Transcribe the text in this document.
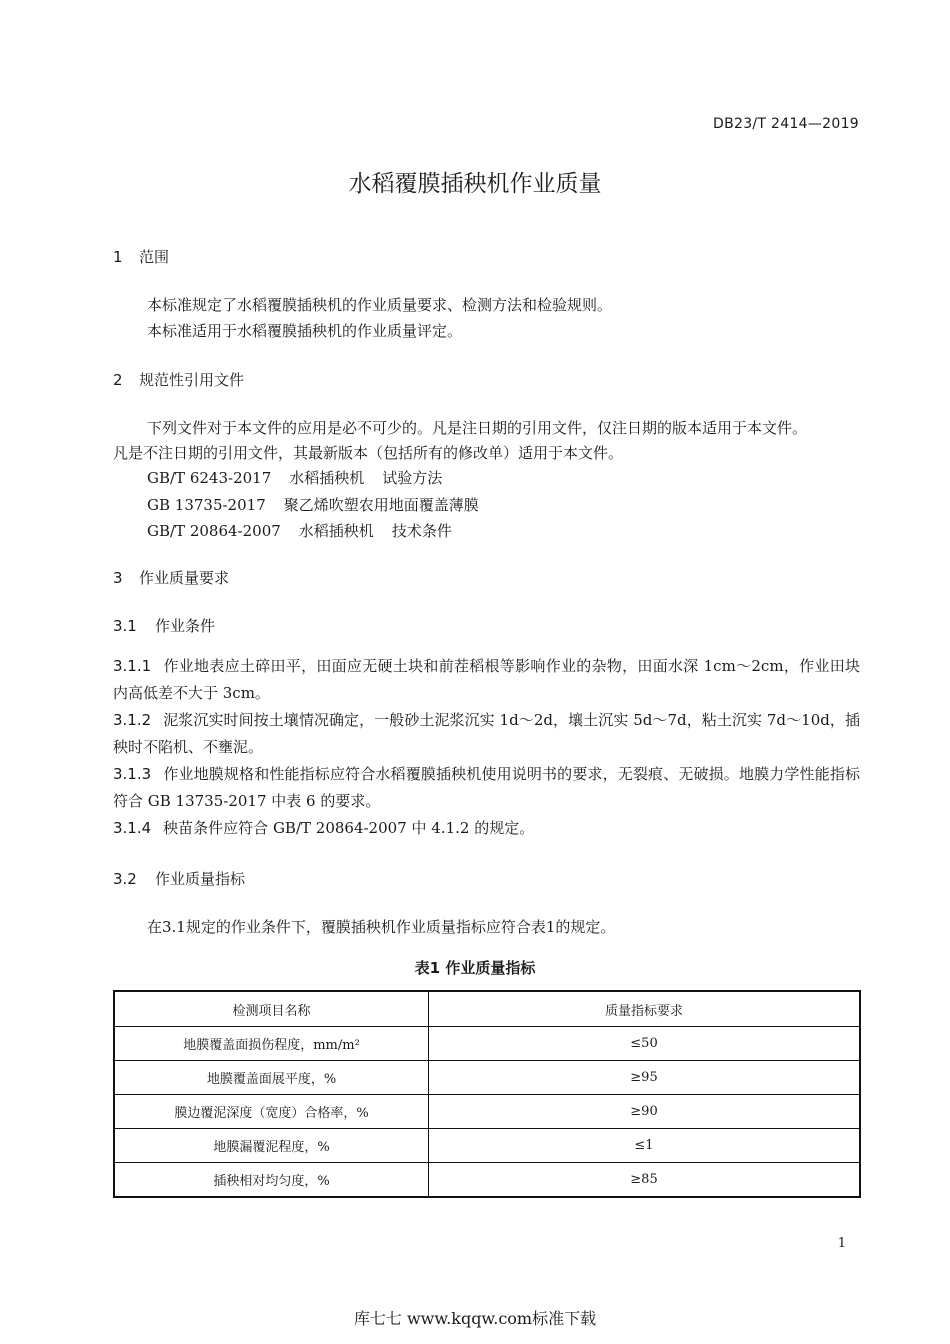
DB23/T 2414—2019
水稻覆膜插秧机作业质量
1 范围
本标准规定了水稻覆膜插秧机的作业质量要求、检测方法和检验规则。
本标准适用于水稻覆膜插秧机的作业质量评定。
2 规范性引用文件
下列文件对于本文件的应用是必不可少的。凡是注日期的引用文件，仅注日期的版本适用于本文件。
凡是不注日期的引用文件，其最新版本（包括所有的修改单）适用于本文件。
GB/T 6243-2017 水稻插秧机 试验方法
GB 13735-2017 聚乙烯吹塑农用地面覆盖薄膜
GB/T 20864-2007 水稻插秧机 技术条件
3 作业质量要求
3.1 作业条件
3.1.1 作业地表应土碎田平，田面应无硬土块和前茬稻根等影响作业的杂物，田面水深 1cm～2cm，作业田块内高低差不大于 3cm。
3.1.2 泥浆沉实时间按土壤情况确定，一般砂土泥浆沉实 1d～2d，壤土沉实 5d～7d，粘土沉实 7d～10d，插秧时不陷机、不壅泥。
3.1.3 作业地膜规格和性能指标应符合水稻覆膜插秧机使用说明书的要求，无裂痕、无破损。地膜力学性能指标符合 GB 13735-2017 中表 6 的要求。
3.1.4 秧苗条件应符合 GB/T 20864-2007 中 4.1.2 的规定。
3.2 作业质量指标
在3.1规定的作业条件下，覆膜插秧机作业质量指标应符合表1的规定。
表1 作业质量指标
检测项目名称	质量指标要求
地膜覆盖面损伤程度，mm/m²	≤50
地膜覆盖面展平度，%	≥95
膜边覆泥深度（宽度）合格率，%	≥90
地膜漏覆泥程度，%	≤1
插秧相对均匀度，%	≥85
1
库七七 www.kqqw.com标准下载
